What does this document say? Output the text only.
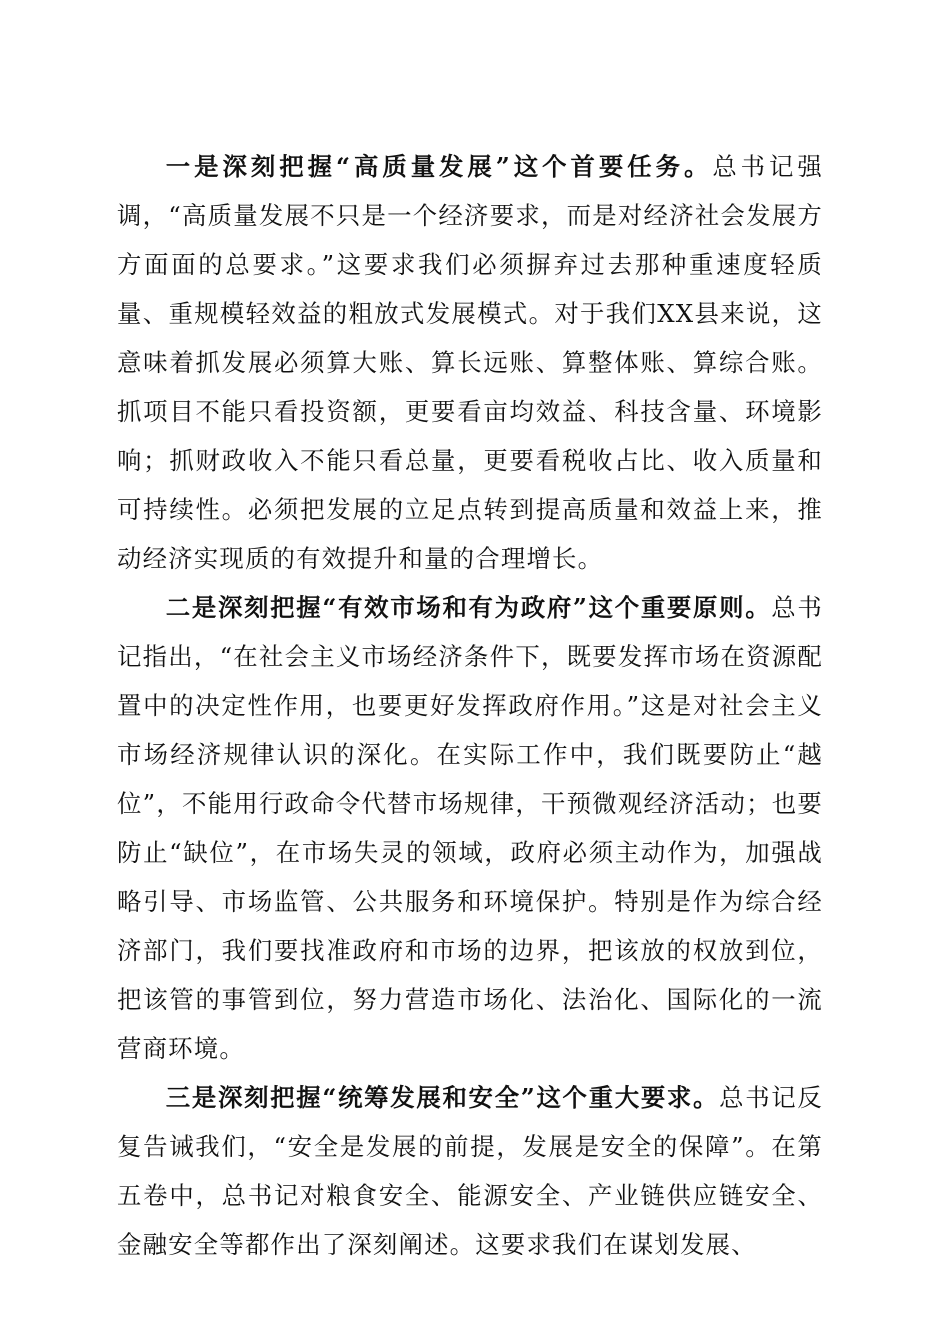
一是深刻把握“高质量发展”这个首要任务。总书记强调，“高质量发展不只是一个经济要求，而是对经济社会发展方方面面的总要求。”这要求我们必须摒弃过去那种重速度轻质量、重规模轻效益的粗放式发展模式。对于我们XX县来说，这意味着抓发展必须算大账、算长远账、算整体账、算综合账。抓项目不能只看投资额，更要看亩均效益、科技含量、环境影响；抓财政收入不能只看总量，更要看税收占比、收入质量和可持续性。必须把发展的立足点转到提高质量和效益上来，推动经济实现质的有效提升和量的合理增长。

二是深刻把握“有效市场和有为政府”这个重要原则。总书记指出，“在社会主义市场经济条件下，既要发挥市场在资源配置中的决定性作用，也要更好发挥政府作用。”这是对社会主义市场经济规律认识的深化。在实际工作中，我们既要防止“越位”，不能用行政命令代替市场规律，干预微观经济活动；也要防止“缺位”，在市场失灵的领域，政府必须主动作为，加强战略引导、市场监管、公共服务和环境保护。特别是作为综合经济部门，我们要找准政府和市场的边界，把该放的权放到位，把该管的事管到位，努力营造市场化、法治化、国际化的一流营商环境。

三是深刻把握“统筹发展和安全”这个重大要求。总书记反复告诫我们，“安全是发展的前提，发展是安全的保障”。在第五卷中，总书记对粮食安全、能源安全、产业链供应链安全、金融安全等都作出了深刻阐述。这要求我们在谋划发展、
